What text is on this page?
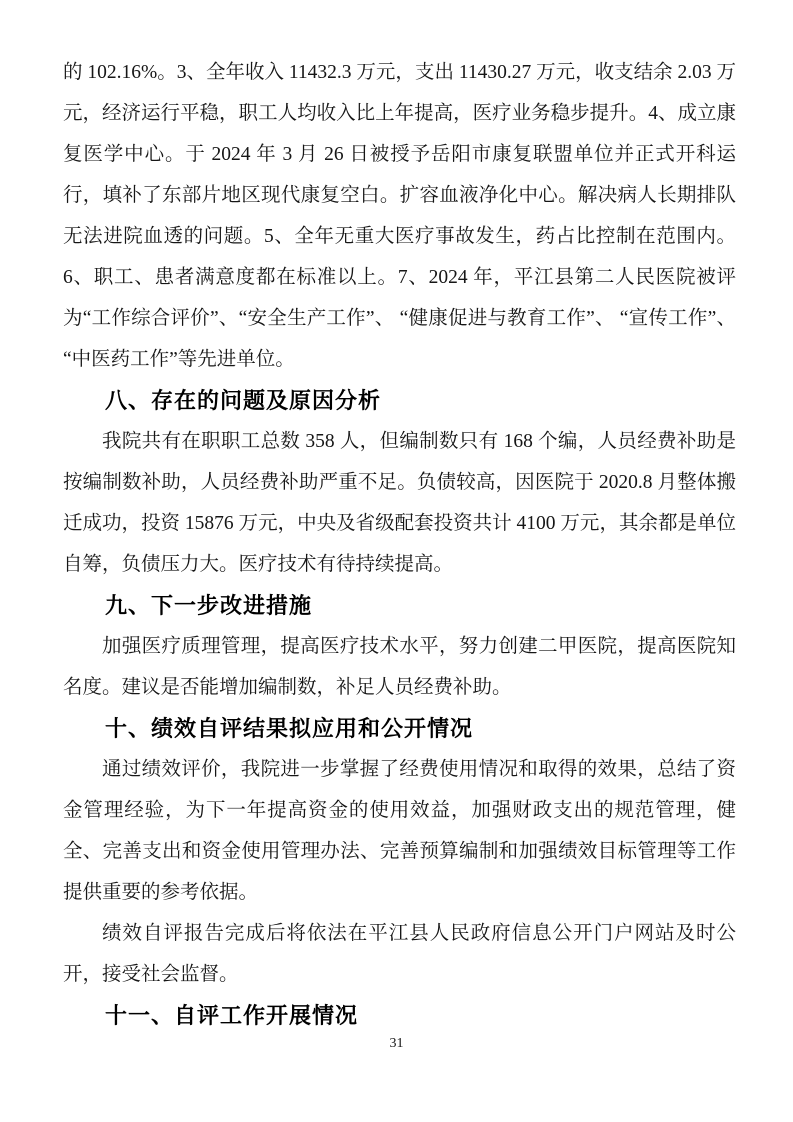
的 102.16%。3、全年收入 11432.3 万元，支出 11430.27 万元，收支结余 2.03 万元，经济运行平稳，职工人均收入比上年提高，医疗业务稳步提升。4、成立康复医学中心。于 2024 年 3 月 26 日被授予岳阳市康复联盟单位并正式开科运行，填补了东部片地区现代康复空白。扩容血液净化中心。解决病人长期排队无法进院血透的问题。5、全年无重大医疗事故发生，药占比控制在范围内。6、职工、患者满意度都在标准以上。7、2024 年，平江县第二人民医院被评为“工作综合评价”、“安全生产工作”、 “健康促进与教育工作”、 “宣传工作”、 “中医药工作”等先进单位。

八、存在的问题及原因分析

我院共有在职职工总数 358 人，但编制数只有 168 个编，人员经费补助是按编制数补助，人员经费补助严重不足。负债较高，因医院于 2020.8 月整体搬迁成功，投资 15876 万元，中央及省级配套投资共计 4100 万元，其余都是单位自筹，负债压力大。医疗技术有待持续提高。

九、下一步改进措施

加强医疗质理管理，提高医疗技术水平，努力创建二甲医院，提高医院知名度。建议是否能增加编制数，补足人员经费补助。

十、绩效自评结果拟应用和公开情况

通过绩效评价，我院进一步掌握了经费使用情况和取得的效果，总结了资金管理经验，为下一年提高资金的使用效益，加强财政支出的规范管理，健全、完善支出和资金使用管理办法、完善预算编制和加强绩效目标管理等工作提供重要的参考依据。

绩效自评报告完成后将依法在平江县人民政府信息公开门户网站及时公开，接受社会监督。

十一、自评工作开展情况
31
